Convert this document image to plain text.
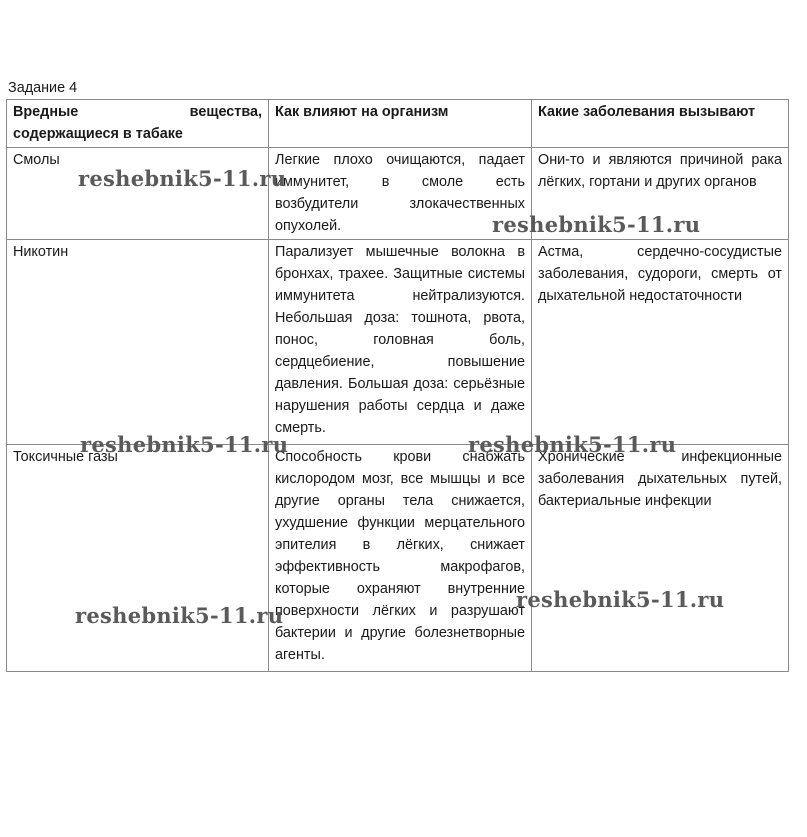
Задание 4
Вредные вещества, содержащиеся в табаке	Как влияют на организм	Какие заболевания вызывают
Смолы	Легкие плохо очищаются, падает иммунитет, в смоле есть возбудители злокачественных опухолей.	Они-то и являются причиной рака лёгких, гортани и других органов
Никотин	Парализует мышечные волокна в бронхах, трахее. Защитные системы иммунитета нейтрализуются. Небольшая доза: тошнота, рвота, понос, головная боль, сердцебиение, повышение давления. Большая доза: серьёзные нарушения работы сердца и даже смерть.	Астма, сердечно-сосудистые заболевания, судороги, смерть от дыхательной недостаточности
Токсичные газы	Способность крови снабжать кислородом мозг, все мышцы и все другие органы тела снижается, ухудшение функции мерцательного эпителия в лёгких, снижает эффективность макрофагов, которые охраняют внутренние поверхности лёгких и разрушают бактерии и другие болезнетворные агенты.	Хронические инфекционные заболевания дыхательных путей, бактериальные инфекции
reshebnik5-11.ru
reshebnik5-11.ru
reshebnik5-11.ru	reshebnik5-11.ru
reshebnik5-11.ru
reshebnik5-11.ru
